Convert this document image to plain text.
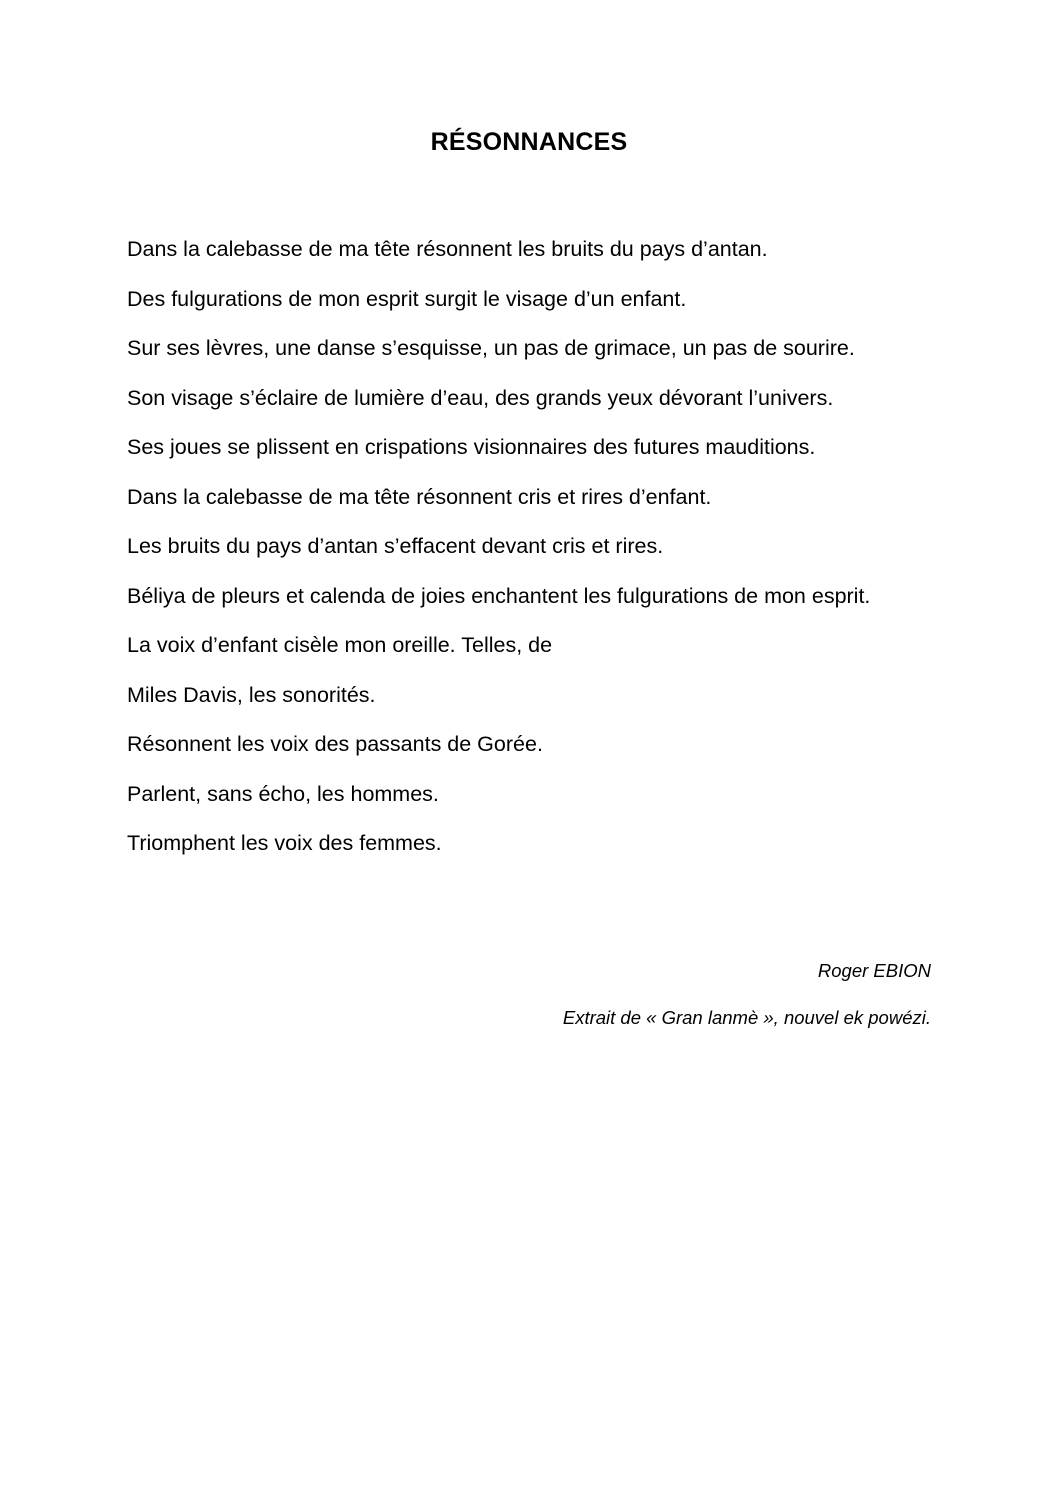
RÉSONNANCES
Dans la calebasse de ma tête résonnent les bruits du pays d’antan.
Des fulgurations de mon esprit surgit le visage d’un enfant.
Sur ses lèvres, une danse s’esquisse, un pas de grimace, un pas de sourire.
Son visage s’éclaire de lumière d’eau, des grands yeux dévorant l’univers.
Ses joues se plissent en crispations visionnaires des futures mauditions.
Dans la calebasse de ma tête résonnent cris et rires d’enfant.
Les bruits du pays d’antan s’effacent devant cris et rires.
Béliya de pleurs et calenda de joies enchantent les fulgurations de mon esprit.
La voix d’enfant cisèle mon oreille. Telles, de
Miles Davis, les sonorités.
Résonnent les voix des passants de Gorée.
Parlent, sans écho, les hommes.
Triomphent les voix des femmes.

Roger EBION

Extrait de « Gran lanmè », nouvel ek powézi.
